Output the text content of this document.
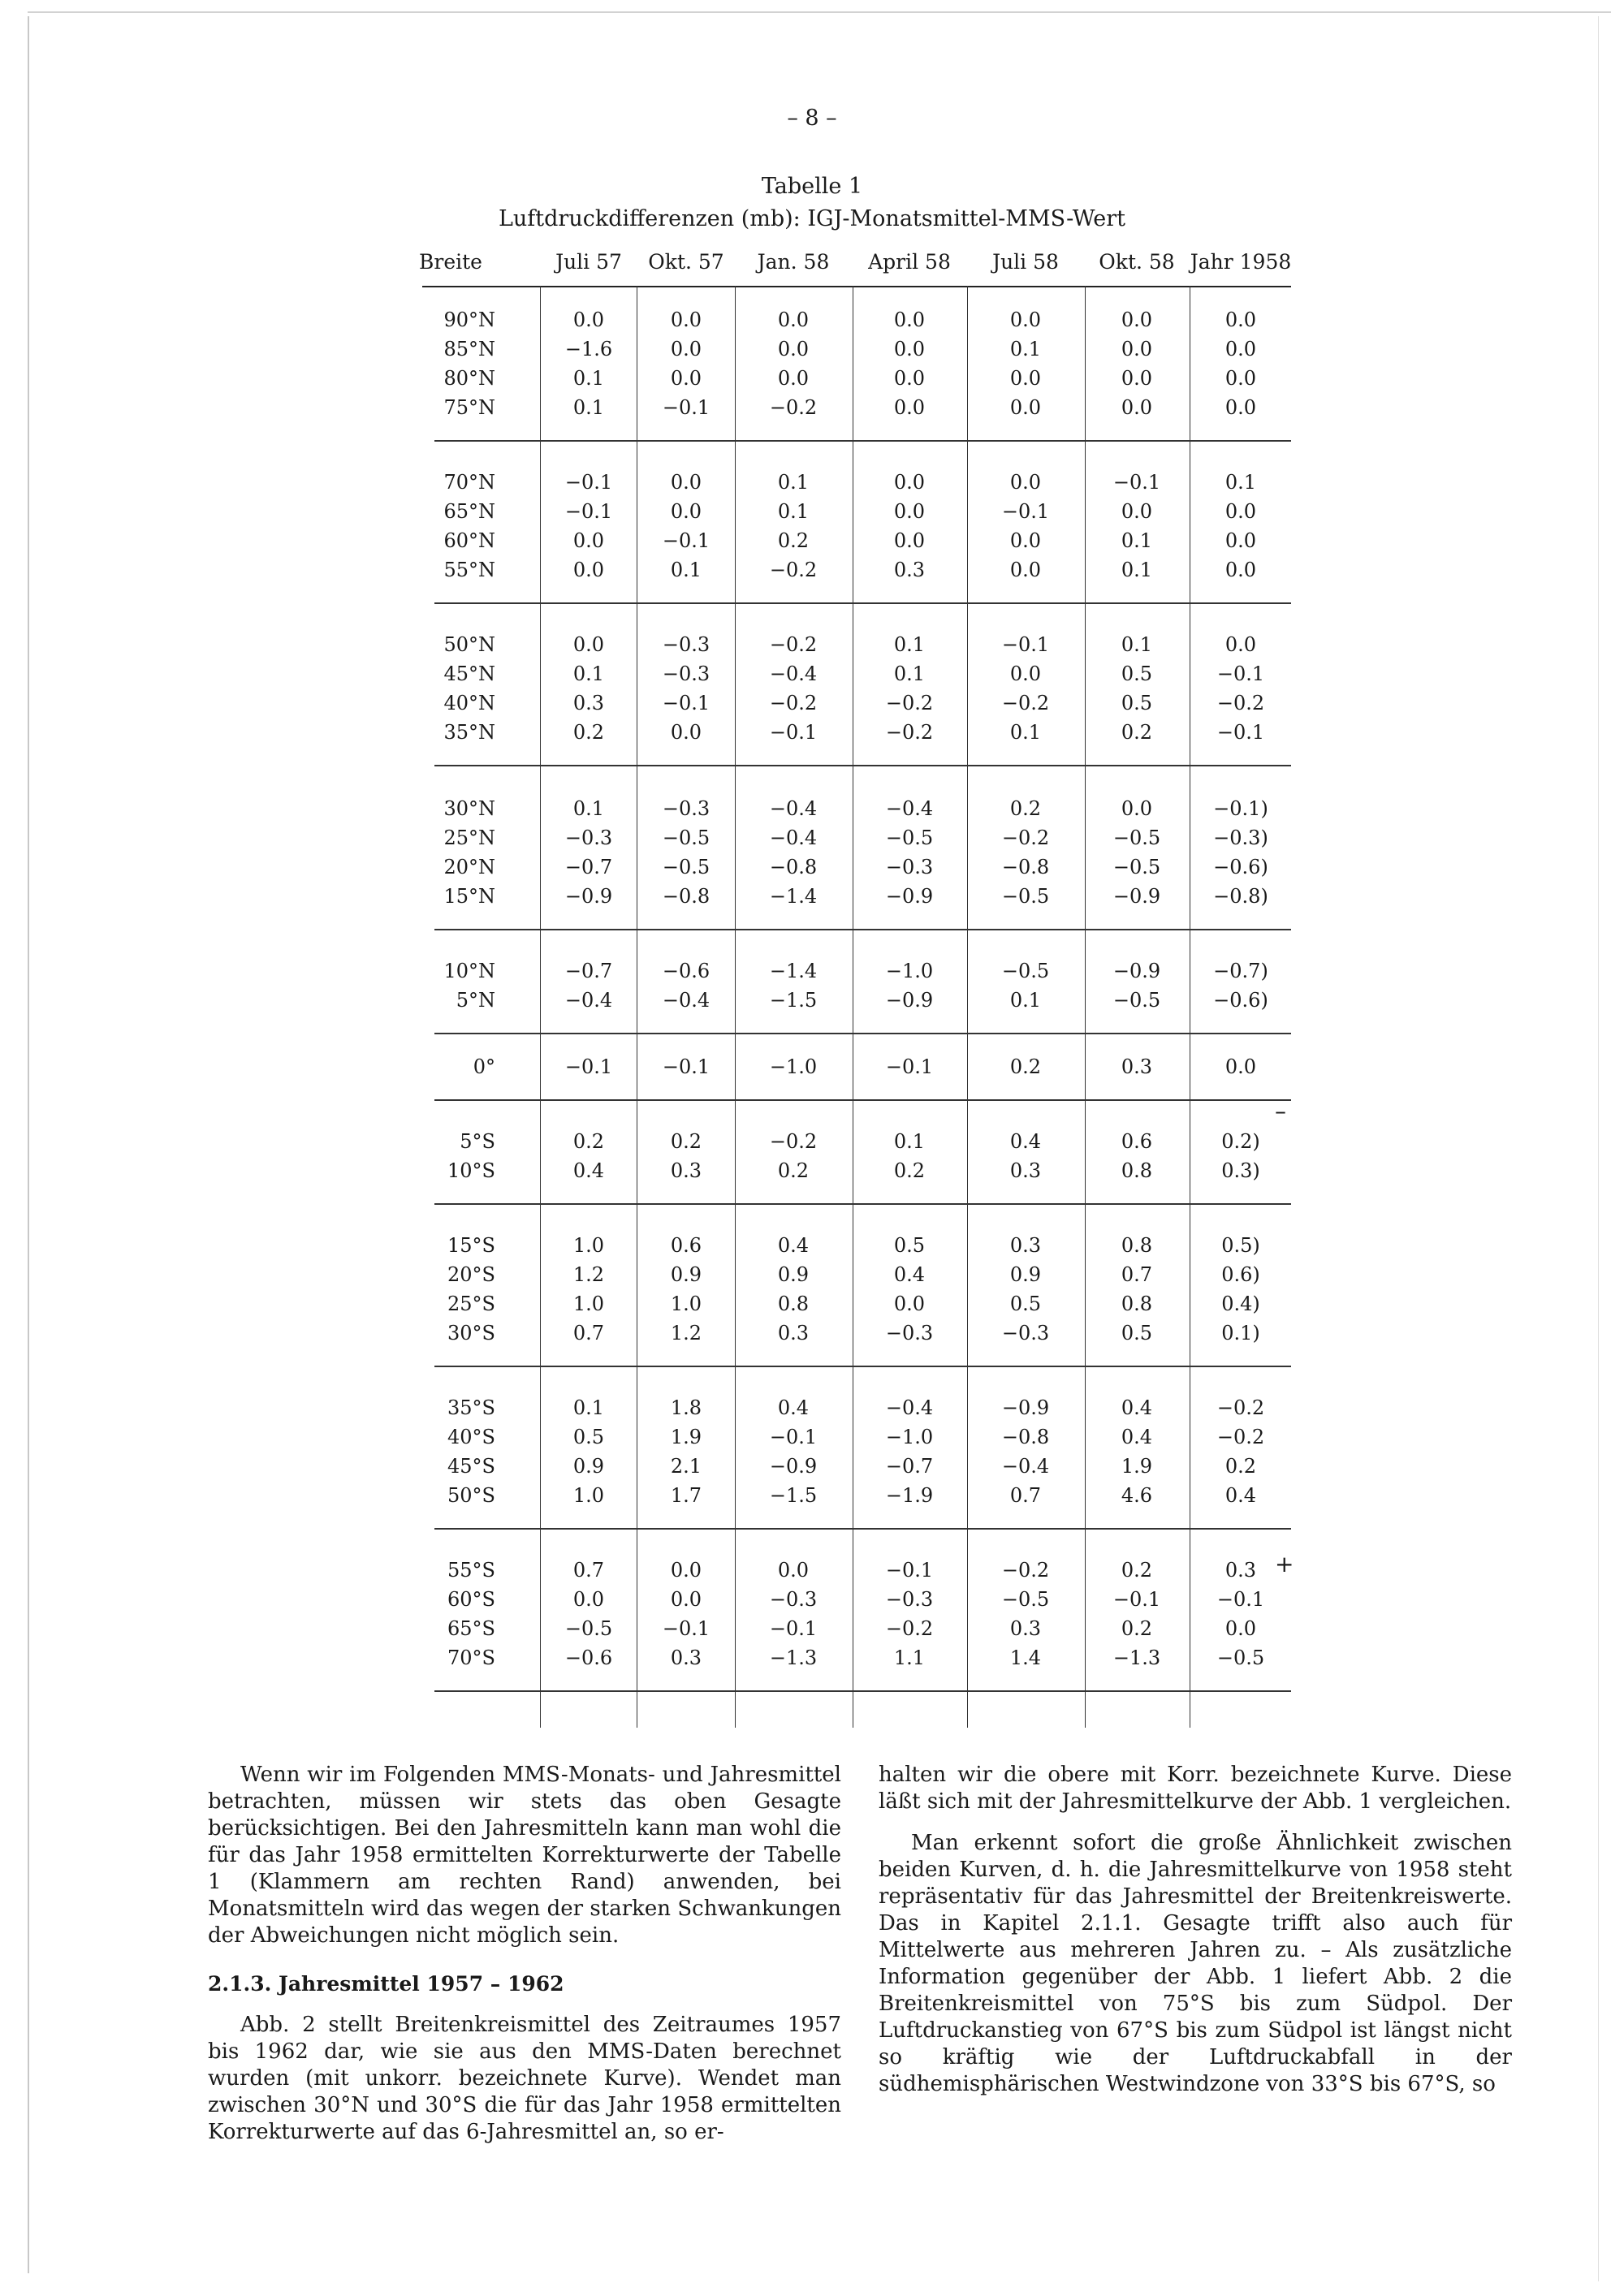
– 8 –
Tabelle 1
Luftdruckdifferenzen (mb): IGJ-Monatsmittel-MMS-Wert
Breite	Juli 57	Okt. 57	Jan. 58	April 58	Juli 58	Okt. 58 Jahr 1958
90°N	0.0	0.0	0.0	0.0	0.0	0.0	0.0
85°N	−1.6	0.0	0.0	0.0	0.1	0.0	0.0
80°N	0.1	0.0	0.0	0.0	0.0	0.0	0.0
75°N	0.1	−0.1	−0.2	0.0	0.0	0.0	0.0
70°N	−0.1	0.0	0.1	0.0	0.0	−0.1	0.1
65°N	−0.1	0.0	0.1	0.0	−0.1	0.0	0.0
60°N	0.0	−0.1	0.2	0.0	0.0	0.1	0.0
55°N	0.0	0.1	−0.2	0.3	0.0	0.1	0.0
50°N	0.0	−0.3	−0.2	0.1	−0.1	0.1	0.0
45°N	0.1	−0.3	−0.4	0.1	0.0	0.5	−0.1
40°N	0.3	−0.1	−0.2	−0.2	−0.2	0.5	−0.2
35°N	0.2	0.0	−0.1	−0.2	0.1	0.2	−0.1
30°N	0.1	−0.3	−0.4	−0.4	0.2	0.0	−0.1)
25°N	−0.3	−0.5	−0.4	−0.5	−0.2	−0.5	−0.3)
20°N	−0.7	−0.5	−0.8	−0.3	−0.8	−0.5	−0.6)
15°N	−0.9	−0.8	−1.4	−0.9	−0.5	−0.9	−0.8)
10°N	−0.7	−0.6	−1.4	−1.0	−0.5	−0.9	−0.7)
5°N	−0.4	−0.4	−1.5	−0.9	0.1	−0.5	−0.6)
0°	−0.1	−0.1	−1.0	−0.1	0.2	0.3	0.0
5°S	0.2	0.2	−0.2	0.1	0.4	0.6	0.2)
10°S	0.4	0.3	0.2	0.2	0.3	0.8	0.3)
15°S	1.0	0.6	0.4	0.5	0.3	0.8	0.5)
20°S	1.2	0.9	0.9	0.4	0.9	0.7	0.6)
25°S	1.0	1.0	0.8	0.0	0.5	0.8	0.4)
30°S	0.7	1.2	0.3	−0.3	−0.3	0.5	0.1)
35°S	0.1	1.8	0.4	−0.4	−0.9	0.4	−0.2
40°S	0.5	1.9	−0.1	−1.0	−0.8	0.4	−0.2
45°S	0.9	2.1	−0.9	−0.7	−0.4	1.9	0.2
50°S	1.0	1.7	−1.5	−1.9	0.7	4.6	0.4
55°S	0.7	0.0	0.0	−0.1	−0.2	0.2	0.3
60°S	0.0	0.0	−0.3	−0.3	−0.5	−0.1	−0.1
65°S	−0.5	−0.1	−0.1	−0.2	0.3	0.2	0.0
70°S	−0.6	0.3	−1.3	1.1	1.4	−1.3	−0.5
–
+

Wenn wir im Folgenden MMS-Monats- und Jahresmittel betrachten, müssen wir stets das oben Gesagte berücksichtigen. Bei den Jahresmitteln kann man wohl die für das Jahr 1958 ermittelten Korrekturwerte der Tabelle 1 (Klammern am rechten Rand) anwenden, bei Monatsmitteln wird das wegen der starken Schwankungen der Abweichungen nicht möglich sein.

2.1.3. Jahresmittel 1957 – 1962

Abb. 2 stellt Breitenkreismittel des Zeitraumes 1957 bis 1962 dar, wie sie aus den MMS-Daten berechnet wurden (mit unkorr. bezeichnete Kurve). Wendet man zwischen 30°N und 30°S die für das Jahr 1958 ermittelten Korrekturwerte auf das 6-Jahresmittel an, so er-

halten wir die obere mit Korr. bezeichnete Kurve. Diese läßt sich mit der Jahresmittelkurve der Abb. 1 vergleichen.

Man erkennt sofort die große Ähnlichkeit zwischen beiden Kurven, d. h. die Jahresmittelkurve von 1958 steht repräsentativ für das Jahresmittel der Breitenkreiswerte. Das in Kapitel 2.1.1. Gesagte trifft also auch für Mittelwerte aus mehreren Jahren zu. – Als zusätzliche Information gegenüber der Abb. 1 liefert Abb. 2 die Breitenkreismittel von 75°S bis zum Südpol. Der Luftdruckanstieg von 67°S bis zum Südpol ist längst nicht so kräftig wie der Luftdruckabfall in der südhemisphärischen Westwindzone von 33°S bis 67°S, so
